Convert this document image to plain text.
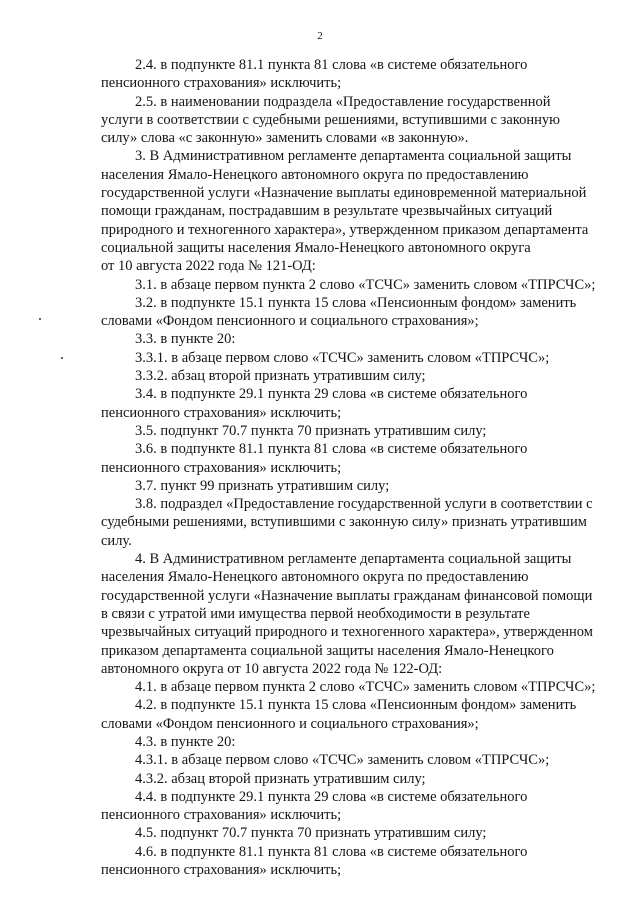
2

2.4. в подпункте 81.1 пункта 81 слова «в системе обязательного
пенсионного страхования» исключить;

2.5. в наименовании подраздела «Предоставление государственной
услуги в соответствии с судебными решениями, вступившими с законную
силу» слова «с законную» заменить словами «в законную».

3. В Административном регламенте департамента социальной защиты
населения Ямало-Ненецкого автономного округа по предоставлению
государственной услуги «Назначение выплаты единовременной материальной
помощи гражданам, пострадавшим в результате чрезвычайных ситуаций
природного и техногенного характера», утвержденном приказом департамента
социальной защиты населения Ямало-Ненецкого автономного округа
от 10 августа 2022 года № 121-ОД:

3.1. в абзаце первом пункта 2 слово «ТСЧС» заменить словом «ТПРСЧС»;

3.2. в подпункте 15.1 пункта 15 слова «Пенсионным фондом» заменить
словами «Фондом пенсионного и социального страхования»;

3.3. в пункте 20:

3.3.1. в абзаце первом слово «ТСЧС» заменить словом «ТПРСЧС»;

3.3.2. абзац второй признать утратившим силу;

3.4. в подпункте 29.1 пункта 29 слова «в системе обязательного
пенсионного страхования» исключить;

3.5. подпункт 70.7 пункта 70 признать утратившим силу;

3.6. в подпункте 81.1 пункта 81 слова «в системе обязательного
пенсионного страхования» исключить;

3.7. пункт 99 признать утратившим силу;

3.8. подраздел «Предоставление государственной услуги в соответствии с
судебными решениями, вступившими с законную силу» признать утратившим
силу.

4. В Административном регламенте департамента социальной защиты
населения Ямало-Ненецкого автономного округа по предоставлению
государственной услуги «Назначение выплаты гражданам финансовой помощи
в связи с утратой ими имущества первой необходимости в результате
чрезвычайных ситуаций природного и техногенного характера», утвержденном
приказом департамента социальной защиты населения Ямало-Ненецкого
автономного округа от 10 августа 2022 года № 122-ОД:

4.1. в абзаце первом пункта 2 слово «ТСЧС» заменить словом «ТПРСЧС»;

4.2. в подпункте 15.1 пункта 15 слова «Пенсионным фондом» заменить
словами «Фондом пенсионного и социального страхования»;

4.3. в пункте 20:

4.3.1. в абзаце первом слово «ТСЧС» заменить словом «ТПРСЧС»;

4.3.2. абзац второй признать утратившим силу;

4.4. в подпункте 29.1 пункта 29 слова «в системе обязательного
пенсионного страхования» исключить;

4.5. подпункт 70.7 пункта 70 признать утратившим силу;

4.6. в подпункте 81.1 пункта 81 слова «в системе обязательного
пенсионного страхования» исключить;
